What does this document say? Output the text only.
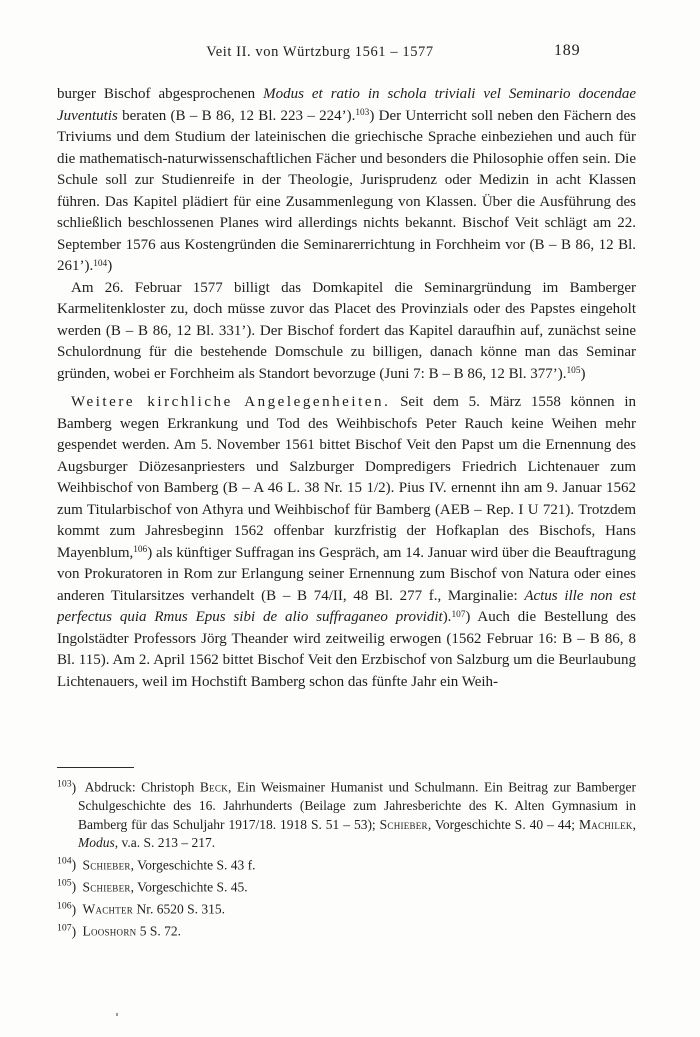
Veit II. von Würtzburg 1561 – 1577	189

burger Bischof abgesprochenen Modus et ratio in schola triviali vel Seminario docendae Juventutis beraten (B – B 86, 12 Bl. 223 – 224’).$^{103}$) Der Unterricht soll neben den Fächern des Triviums und dem Studium der lateinischen die griechische Sprache einbeziehen und auch für die mathematisch-naturwissenschaftlichen Fächer und besonders die Philosophie offen sein. Die Schule soll zur Studienreife in der Theologie, Jurisprudenz oder Medizin in acht Klassen führen. Das Kapitel plädiert für eine Zusammenlegung von Klassen. Über die Ausführung des schließlich beschlossenen Planes wird allerdings nichts bekannt. Bischof Veit schlägt am 22. September 1576 aus Kostengründen die Seminarerrichtung in Forchheim vor (B – B 86, 12 Bl. 261’).$^{104}$)

Am 26. Februar 1577 billigt das Domkapitel die Seminargründung im Bamberger Karmelitenkloster zu, doch müsse zuvor das Placet des Provinzials oder des Papstes eingeholt werden (B – B 86, 12 Bl. 331’). Der Bischof fordert das Kapitel daraufhin auf, zunächst seine Schulordnung für die bestehende Domschule zu billigen, danach könne man das Seminar gründen, wobei er Forchheim als Standort bevorzuge (Juni 7: B – B 86, 12 Bl. 377’).$^{105}$)

Weitere kirchliche Angelegenheiten. Seit dem 5. März 1558 können in Bamberg wegen Erkrankung und Tod des Weihbischofs Peter Rauch keine Weihen mehr gespendet werden. Am 5. November 1561 bittet Bischof Veit den Papst um die Ernennung des Augsburger Diözesanpriesters und Salzburger Dompredigers Friedrich Lichtenauer zum Weihbischof von Bamberg (B – A 46 L. 38 Nr. 15 1/2). Pius IV. ernennt ihn am 9. Januar 1562 zum Titularbischof von Athyra und Weihbischof für Bamberg (AEB – Rep. I U 721). Trotzdem kommt zum Jahresbeginn 1562 offenbar kurzfristig der Hofkaplan des Bischofs, Hans Mayenblum,$^{106}$) als künftiger Suffragan ins Gespräch, am 14. Januar wird über die Beauftragung von Prokuratoren in Rom zur Erlangung seiner Ernennung zum Bischof von Natura oder eines anderen Titularsitzes verhandelt (B – B 74/II, 48 Bl. 277 f., Marginalie: Actus ille non est perfectus quia Rmus Epus sibi de alio suffraganeo providit).$^{107}$) Auch die Bestellung des Ingolstädter Professors Jörg Theander wird zeitweilig erwogen (1562 Februar 16: B – B 86, 8 Bl. 115). Am 2. April 1562 bittet Bischof Veit den Erzbischof von Salzburg um die Beurlaubung Lichtenauers, weil im Hochstift Bamberg schon das fünfte Jahr ein Weih-

$^{103}$) Abdruck: Christoph Beck, Ein Weismainer Humanist und Schulmann. Ein Beitrag zur Bamberger Schulgeschichte des 16. Jahrhunderts (Beilage zum Jahresberichte des K. Alten Gymnasium in Bamberg für das Schuljahr 1917/18. 1918 S. 51 – 53); Schieber, Vorgeschichte S. 40 – 44; Machilek, Modus, v.a. S. 213 – 217.
$^{104}$) Schieber, Vorgeschichte S. 43 f.
$^{105}$) Schieber, Vorgeschichte S. 45.
$^{106}$) Wachter Nr. 6520 S. 315.
$^{107}$) Looshorn 5 S. 72.
